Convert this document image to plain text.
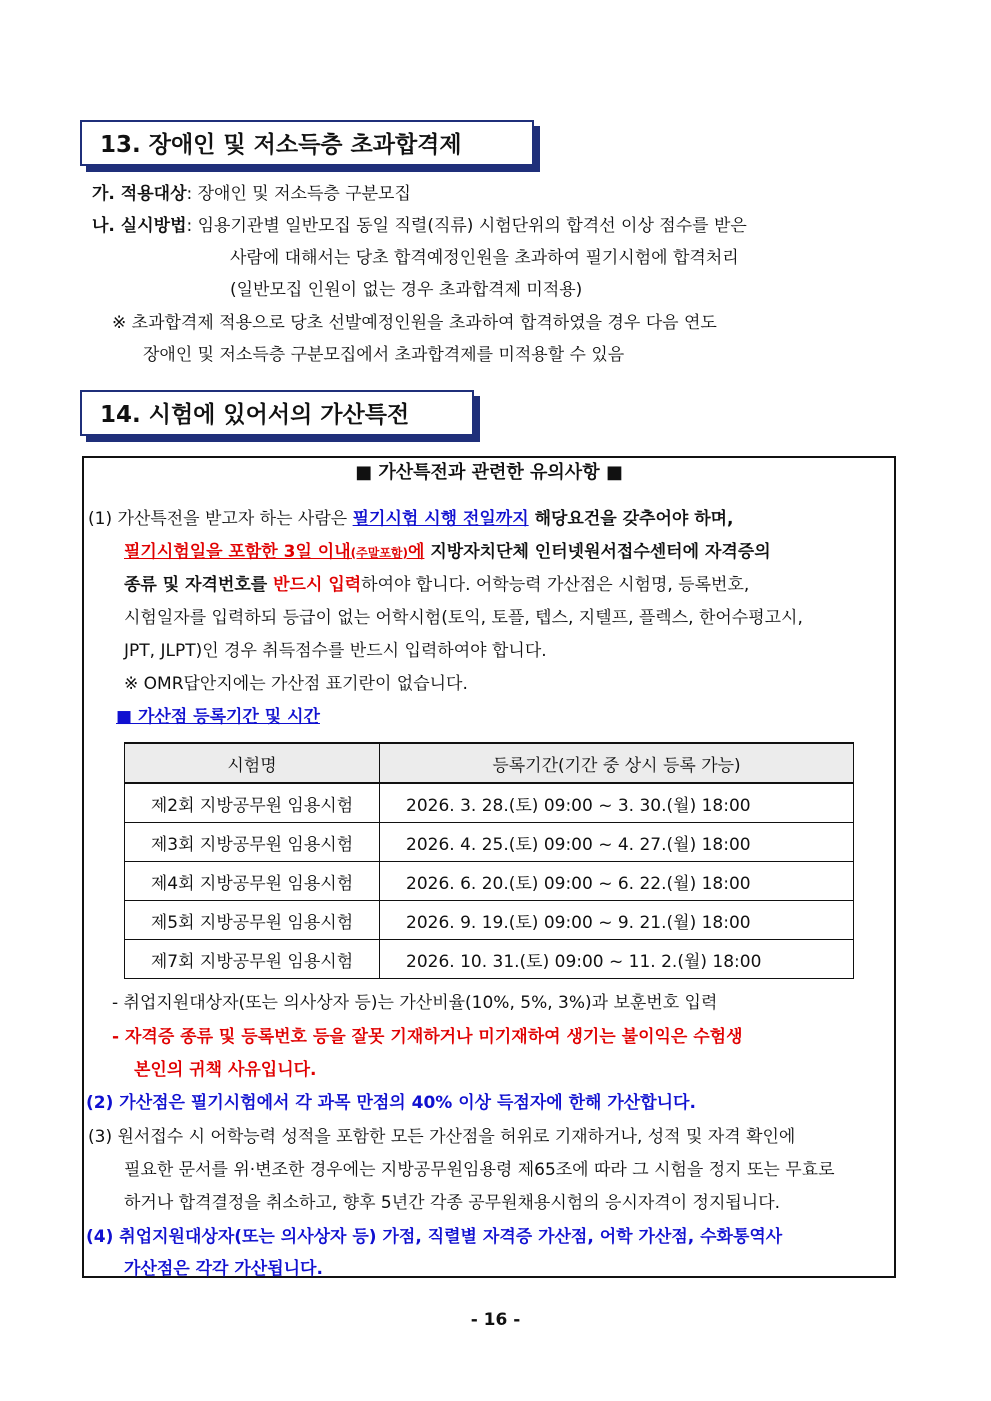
13. 장애인 및 저소득층 초과합격제
가. 적용대상: 장애인 및 저소득층 구분모집
나. 실시방법: 임용기관별 일반모집 동일 직렬(직류) 시험단위의 합격선 이상 점수를 받은
사람에 대해서는 당초 합격예정인원을 초과하여 필기시험에 합격처리
(일반모집 인원이 없는 경우 초과합격제 미적용)
※ 초과합격제 적용으로 당초 선발예정인원을 초과하여 합격하였을 경우 다음 연도
장애인 및 저소득층 구분모집에서 초과합격제를 미적용할 수 있음
14. 시험에 있어서의 가산특전
■ 가산특전과 관련한 유의사항 ■
(1) 가산특전을 받고자 하는 사람은 필기시험 시행 전일까지 해당요건을 갖추어야 하며,
필기시험일을 포함한 3일 이내(주말포함)에 지방자치단체 인터넷원서접수센터에 자격증의
종류 및 자격번호를 반드시 입력하여야 합니다. 어학능력 가산점은 시험명, 등록번호,
시험일자를 입력하되 등급이 없는 어학시험(토익, 토플, 텝스, 지텔프, 플렉스, 한어수평고시,
JPT, JLPT)인 경우 취득점수를 반드시 입력하여야 합니다.
※ OMR답안지에는 가산점 표기란이 없습니다.
■ 가산점 등록기간 및 시간
시험명	등록기간(기간 중 상시 등록 가능)
제2회 지방공무원 임용시험	2026. 3. 28.(토) 09:00 ~ 3. 30.(월) 18:00
제3회 지방공무원 임용시험	2026. 4. 25.(토) 09:00 ~ 4. 27.(월) 18:00
제4회 지방공무원 임용시험	2026. 6. 20.(토) 09:00 ~ 6. 22.(월) 18:00
제5회 지방공무원 임용시험	2026. 9. 19.(토) 09:00 ~ 9. 21.(월) 18:00
제7회 지방공무원 임용시험	2026. 10. 31.(토) 09:00 ~ 11. 2.(월) 18:00
- 취업지원대상자(또는 의사상자 등)는 가산비율(10%, 5%, 3%)과 보훈번호 입력
- 자격증 종류 및 등록번호 등을 잘못 기재하거나 미기재하여 생기는 불이익은 수험생
본인의 귀책 사유입니다.
(2) 가산점은 필기시험에서 각 과목 만점의 40% 이상 득점자에 한해 가산합니다.
(3) 원서접수 시 어학능력 성적을 포함한 모든 가산점을 허위로 기재하거나, 성적 및 자격 확인에
필요한 문서를 위·변조한 경우에는 지방공무원임용령 제65조에 따라 그 시험을 정지 또는 무효로
하거나 합격결정을 취소하고, 향후 5년간 각종 공무원채용시험의 응시자격이 정지됩니다.
(4) 취업지원대상자(또는 의사상자 등) 가점, 직렬별 자격증 가산점, 어학 가산점, 수화통역사
가산점은 각각 가산됩니다.
- 16 -
